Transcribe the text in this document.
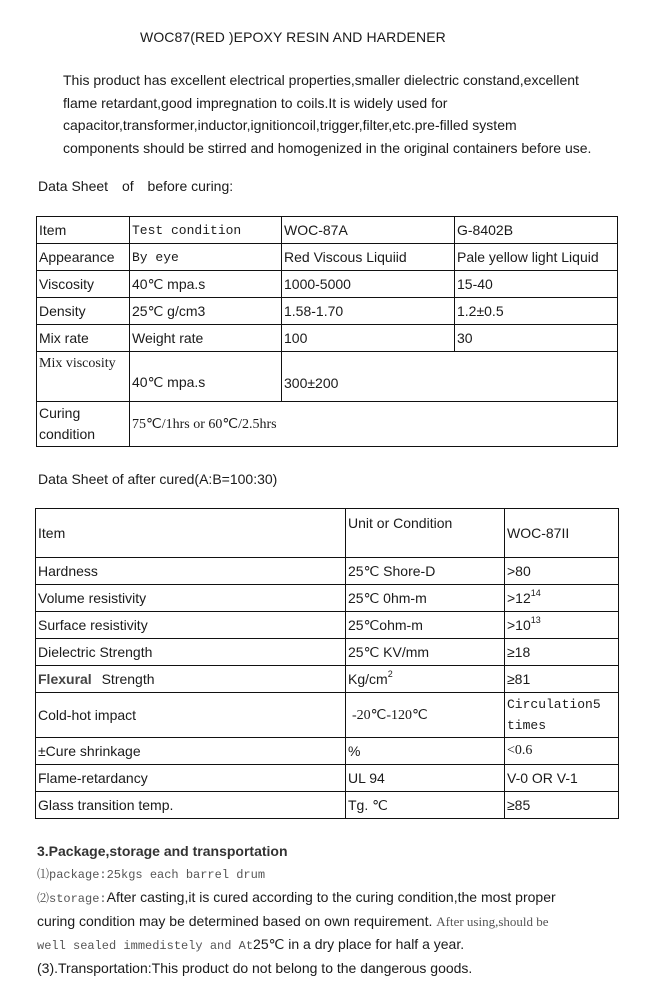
WOC87(RED )EPOXY RESIN AND HARDENER
This product has excellent electrical properties,smaller dielectric constand,excellent
flame retardant,good impregnation to coils.It is widely used for
capacitor,transformer,inductor,ignitioncoil,trigger,filter,etc.pre-filled system
components should be stirred and homogenized in the original containers before use.
Data Sheet of before curing:
Item	Test condition	WOC-87A	G-8402B
Appearance	By eye	Red Viscous Liquiid	Pale yellow light Liquid
Viscosity	40℃ mpa.s	1000-5000	15-40
Density	25℃ g/cm3	1.58-1.70	1.2±0.5
Mix rate	Weight rate	100	30
Mix viscosity	40℃ mpa.s	300±200	

Curing
condition	75℃/1hrs or 60℃/2.5hrs		
Data Sheet of after cured(A:B=100:30)
Item	Unit or Condition	WOC-87II
Hardness	25℃ Shore-D	>80
Volume resistivity	25℃ 0hm-m	$>12^{14}$
Surface resistivity	25℃ohm-m	$>10^{13}$
Dielectric Strength	25℃ KV/mm	≥18
Flexural Strength	$Kg/cm^2$	≥81
Cold-hot impact	-20℃-120℃	Circulation5
times

±Cure shrinkage	%	<0.6
Flame-retardancy	UL 94	V-0 OR V-1
Glass transition temp.	Tg. ℃	≥85
3.Package,storage and transportation
⑴package:25kgs each barrel drum
⑵storage:After casting,it is cured according to the curing condition,the most proper
curing condition may be determined based on own requirement. After using,should be
well sealed immedistely and At25℃ in a dry place for half a year.
(3).Transportation:This product do not belong to the dangerous goods.
